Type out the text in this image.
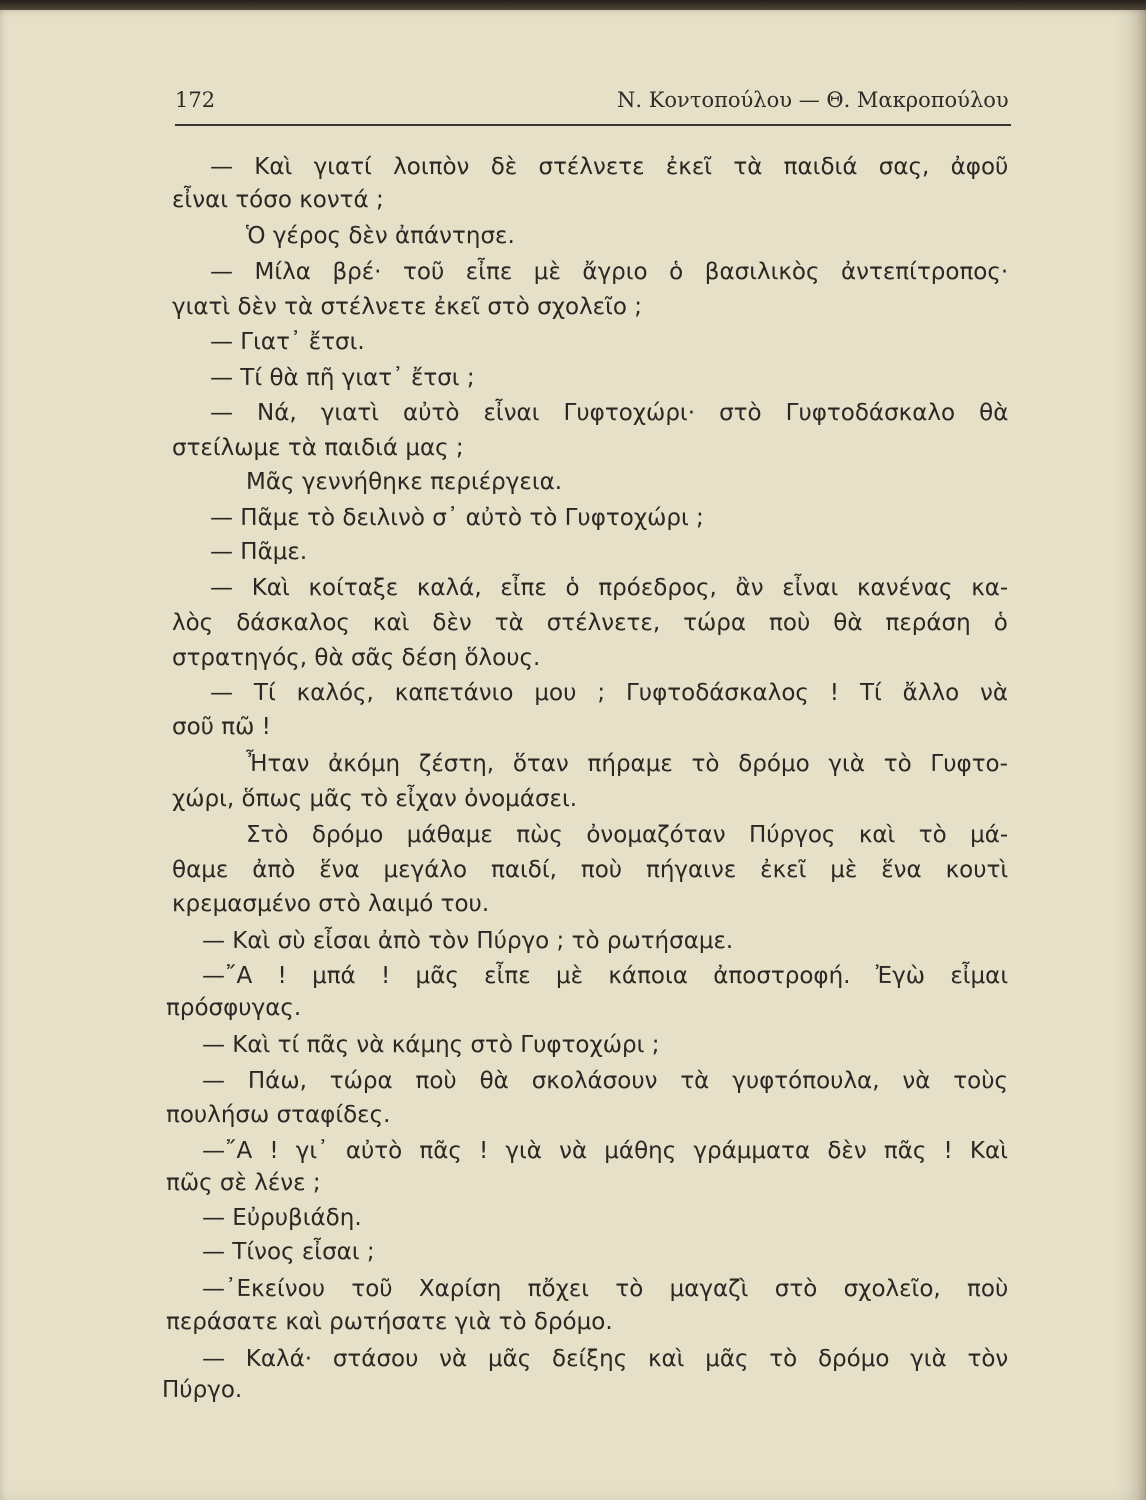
172	Ν. Κοντοπούλου — Θ. Μακροπούλου
— Καὶ γιατί λοιπὸν δὲ στέλνετε ἐκεῖ τὰ παιδιά σας, ἀφοῦ
εἶναι τόσο κοντά ;
Ὁ γέρος δὲν ἀπάντησε.
— Μίλα βρέ· τοῦ εἶπε μὲ ἄγριο ὁ βασιλικὸς ἀντεπίτροπος·
γιατὶ δὲν τὰ στέλνετε ἐκεῖ στὸ σχολεῖο ;
— Γιατ᾽ ἔτσι.
— Τί θὰ πῆ γιατ᾽ ἔτσι ;
— Νά, γιατὶ αὐτὸ εἶναι Γυφτοχώρι· στὸ Γυφτοδάσκαλο θὰ
στείλωμε τὰ παιδιά μας ;
Μᾶς γεννήθηκε περιέργεια.
— Πᾶμε τὸ δειλινὸ σ᾽ αὐτὸ τὸ Γυφτοχώρι ;
— Πᾶμε.
— Καὶ κοίταξε καλά, εἶπε ὁ πρόεδρος, ἂν εἶναι κανένας κα-
λὸς δάσκαλος καὶ δὲν τὰ στέλνετε, τώρα ποὺ θὰ περάση ὁ
στρατηγός, θὰ σᾶς δέση ὅλους.
— Τί καλός, καπετάνιο μου ; Γυφτοδάσκαλος ! Τί ἄλλο νὰ
σοῦ πῶ !
Ἦταν ἀκόμη ζέστη, ὅταν πήραμε τὸ δρόμο γιὰ τὸ Γυφτο-
χώρι, ὅπως μᾶς τὸ εἶχαν ὀνομάσει.
Στὸ δρόμο μάθαμε πὼς ὀνομαζόταν Πύργος καὶ τὸ μά-
θαμε ἀπὸ ἕνα μεγάλο παιδί, ποὺ πήγαινε ἐκεῖ μὲ ἕνα κουτὶ
κρεμασμένο στὸ λαιμό του.
— Καὶ σὺ εἶσαι ἀπὸ τὸν Πύργο ; τὸ ρωτήσαμε.
—῎Α ! μπά ! μᾶς εἶπε μὲ κάποια ἀποστροφή. Ἐγὼ εἶμαι
πρόσφυγας.
— Καὶ τί πᾶς νὰ κάμης στὸ Γυφτοχώρι ;
— Πάω, τώρα ποὺ θὰ σκολάσουν τὰ γυφτόπουλα, νὰ τοὺς
πουλήσω σταφίδες.
—῎Α ! γι᾽ αὐτὸ πᾶς ! γιὰ νὰ μάθης γράμματα δὲν πᾶς ! Καὶ
πῶς σὲ λένε ;
— Εὐρυβιάδη.
— Τίνος εἶσαι ;
—᾽Εκείνου τοῦ Χαρίση πὄχει τὸ μαγαζὶ στὸ σχολεῖο, ποὺ
περάσατε καὶ ρωτήσατε γιὰ τὸ δρόμο.
— Καλά· στάσου νὰ μᾶς δείξης καὶ μᾶς τὸ δρόμο γιὰ τὸν
Πύργο.
